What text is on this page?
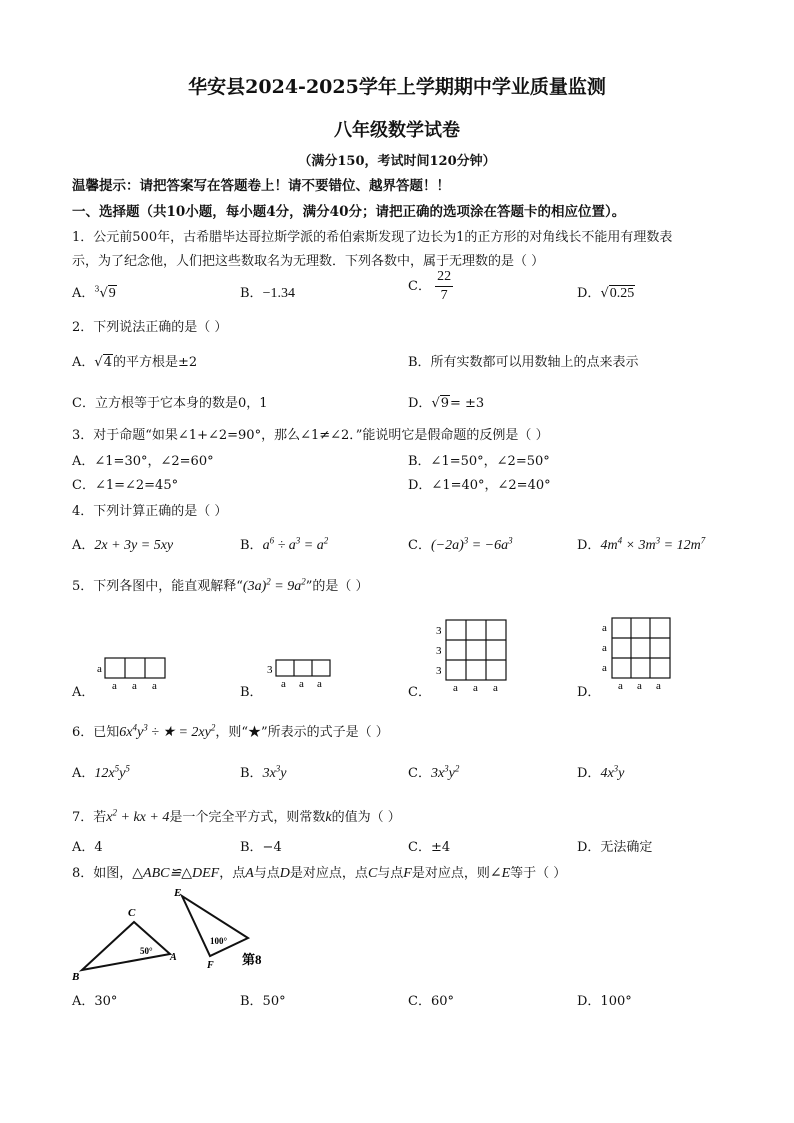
华安县2024-2025学年上学期期中学业质量监测
八年级数学试卷
（满分150，考试时间120分钟）
温馨提示：请把答案写在答题卷上！请不要错位、越界答题！！
一、选择题（共10小题，每小题4分，满分40分；请把正确的选项涂在答题卡的相应位置）。
1．公元前500年，古希腊毕达哥拉斯学派的希伯索斯发现了边长为1的正方形的对角线长不能用有理数表
示，为了纪念他，人们把这些数取名为无理数．下列各数中，属于无理数的是（ ）
A．$^3$√9	B．−1.34	C． $\frac{22}{7}$	D．√0.25
2．下列说法正确的是（ ）
A．√4的平方根是±2	B．所有实数都可以用数轴上的点来表示
C．立方根等于它本身的数是0，1	D．√9= ±3
3．对于命题“如果∠1+∠2=90°，那么∠1≠∠2．”能说明它是假命题的反例是（ ）
A．∠1=30°，∠2=60°	B．∠1=50°，∠2=50°
C．∠1=∠2=45°	D．∠1=40°，∠2=40°
4．下列计算正确的是（ ）
A．2x + 3y = 5xy	B．$a^6 \div a^3 = a^2$	C．$(-2a)^3 = -6a^3$	D．$4m^4 \times 3m^3 = 12m^7$
5．下列各图中，能直观解释“$(3a)^2 = 9a^2$”的是（ ）
A．
a
a a a	B．
3
a a a
C．
3
3
3
a a a	D．
a
a
a
a a a
6．已知$6x^4y^3$ ÷ ★ = $2xy^2$，则“★”所表示的式子是（ ）
A．$12x^5y^5$	B．$3x^3y$	C．$3x^3y^2$	D．$4x^3y$
7．若$x^2$ + kx + 4是一个完全平方式，则常数k的值为（ ）
A．4	B．−4	C．±4	D．无法确定
8．如图，△ABC≌△DEF，点A与点D是对应点，点C与点F是对应点，则∠E等于（ ）
B
C
A
50°
E
F
100°
第8
A．30°	B．50°	C．60°	D．100°
